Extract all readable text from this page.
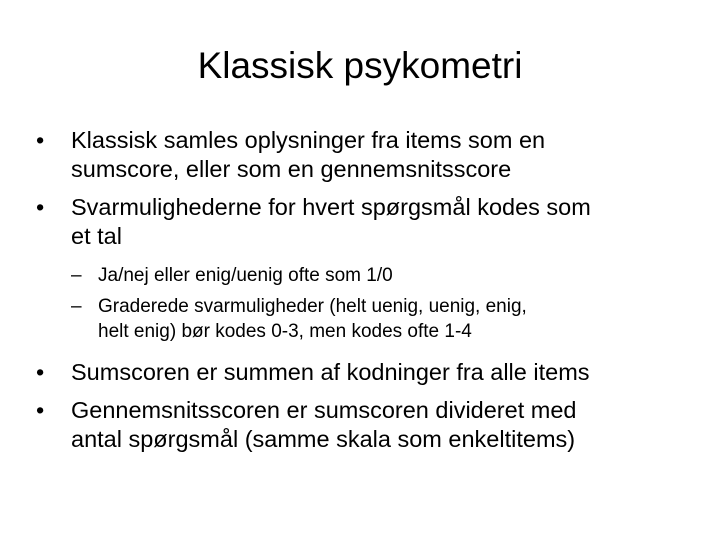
Klassisk psykometri
•	Klassisk samles oplysninger fra items som en
sumscore, eller som en gennemsnitsscore
•	Svarmulighederne for hvert spørgsmål kodes som
et tal
– Ja/nej eller enig/uenig ofte som 1/0
– Graderede svarmuligheder (helt uenig, uenig, enig,
helt enig) bør kodes 0-3, men kodes ofte 1-4
•	Sumscoren er summen af kodninger fra alle items
•	Gennemsnitsscoren er sumscoren divideret med
antal spørgsmål (samme skala som enkeltitems)
